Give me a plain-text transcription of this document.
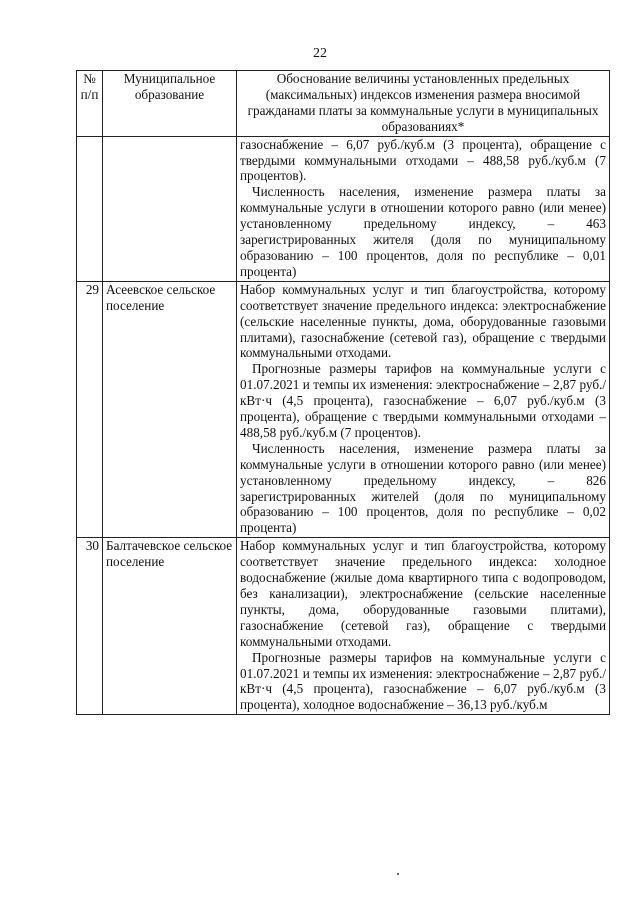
22
№ п/п	Муниципальное образование	Обоснование величины установленных предельных (максимальных) индексов изменения размера вносимой гражданами платы за коммунальные услуги в муниципальных образованиях*

		газоснабжение – 6,07 руб./куб.м (3 процента), обращение с твердыми коммунальными отходами – 488,58 руб./куб.м (7 процентов).
Численность населения, изменение размера платы за коммунальные услуги в отношении которого равно (или менее) установленному предельному индексу, – 463 зарегистрированных жителя (доля по муниципальному образованию – 100 процентов, доля по республике – 0,01 процента)

29	Асеевское сельское поселение	Набор коммунальных услуг и тип благоустройства, которому соответствует значение предельного индекса: электроснабжение (сельские населенные пункты, дома, оборудованные газовыми плитами), газоснабжение (сетевой газ), обращение с твердыми коммунальными отходами.
Прогнозные размеры тарифов на коммунальные услуги с 01.07.2021 и темпы их изменения: электроснабжение – 2,87 руб./кВт·ч (4,5 процента), газоснабжение – 6,07 руб./куб.м (3 процента), обращение с твердыми коммунальными отходами – 488,58 руб./куб.м (7 процентов).
Численность населения, изменение размера платы за коммунальные услуги в отношении которого равно (или менее) установленному предельному индексу, – 826 зарегистрированных жителей (доля по муниципальному образованию – 100 процентов, доля по республике – 0,02 процента)

30	Балтачевское сельское поселение	Набор коммунальных услуг и тип благоустройства, которому соответствует значение предельного индекса: холодное водоснабжение (жилые дома квартирного типа с водопроводом, без канализации), электроснабжение (сельские населенные пункты, дома, оборудованные газовыми плитами), газоснабжение (сетевой газ), обращение с твердыми коммунальными отходами.
Прогнозные размеры тарифов на коммунальные услуги с 01.07.2021 и темпы их изменения: электроснабжение – 2,87 руб./кВт·ч (4,5 процента), газоснабжение – 6,07 руб./куб.м (3 процента), холодное водоснабжение – 36,13 руб./куб.м
